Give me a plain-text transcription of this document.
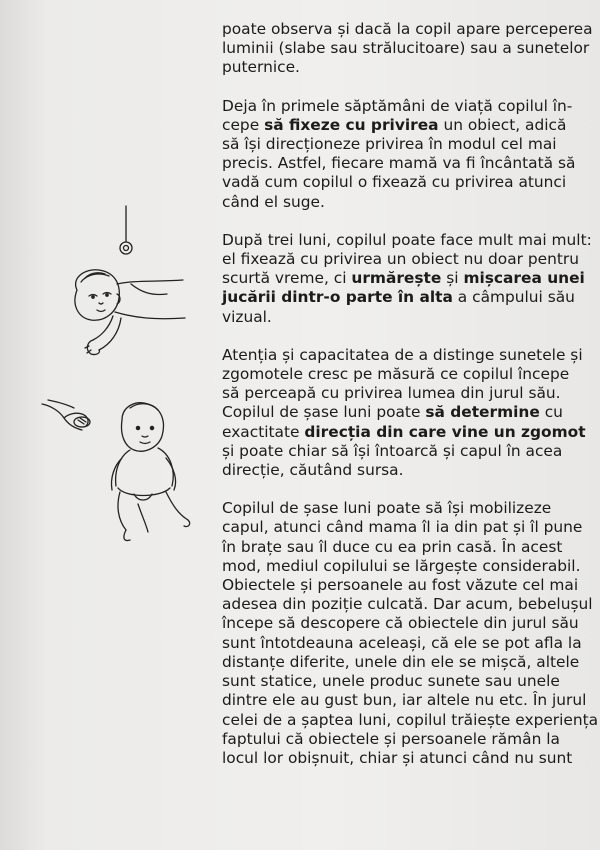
poate observa și dacă la copil apare perceperea
luminii (slabe sau strălucitoare) sau a sunetelor
puternice.
Deja în primele săptămâni de viață copilul în-
cepe să fixeze cu privirea un obiect, adică
să își direcționeze privirea în modul cel mai
precis. Astfel, fiecare mamă va fi încântată să
vadă cum copilul o fixează cu privirea atunci
când el suge.
După trei luni, copilul poate face mult mai mult:
el fixează cu privirea un obiect nu doar pentru
scurtă vreme, ci urmărește și mișcarea unei
jucării dintr-o parte în alta a câmpului său
vizual.
Atenția și capacitatea de a distinge sunetele și
zgomotele cresc pe măsură ce copilul începe
să perceapă cu privirea lumea din jurul său.
Copilul de șase luni poate să determine cu
exactitate direcția din care vine un zgomot
și poate chiar să își întoarcă și capul în acea
direcție, căutând sursa.
Copilul de șase luni poate să își mobilizeze
capul, atunci când mama îl ia din pat și îl pune
în brațe sau îl duce cu ea prin casă. În acest
mod, mediul copilului se lărgește considerabil.
Obiectele și persoanele au fost văzute cel mai
adesea din poziție culcată. Dar acum, bebelușul
începe să descopere că obiectele din jurul său
sunt întotdeauna aceleași, că ele se pot afla la
distanțe diferite, unele din ele se mișcă, altele
sunt statice, unele produc sunete sau unele
dintre ele au gust bun, iar altele nu etc. În jurul
celei de a șaptea luni, copilul trăiește experiența
faptului că obiectele și persoanele rămân la
locul lor obișnuit, chiar și atunci când nu sunt
